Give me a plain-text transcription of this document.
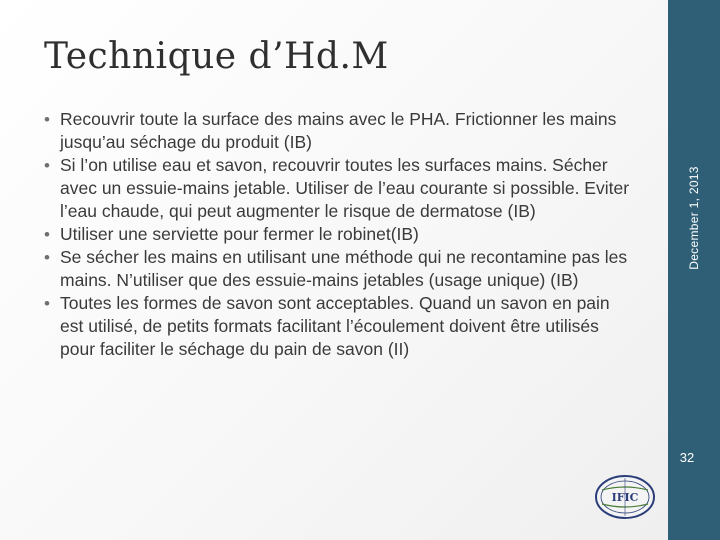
Technique d’Hd.M
• Recouvrir toute la surface des mains avec le PHA. Frictionner les mains jusqu’au séchage du produit (IB)
• Si l’on utilise eau et savon, recouvrir toutes les surfaces mains. Sécher avec un essuie-mains jetable. Utiliser de l’eau courante si possible. Eviter l’eau chaude, qui peut augmenter le risque de dermatose (IB)
• Utiliser une serviette pour fermer le robinet(IB)
• Se sécher les mains en utilisant une méthode qui ne recontamine pas les mains. N’utiliser que des essuie-mains jetables (usage unique) (IB)
• Toutes les formes de savon sont acceptables. Quand un savon en pain est utilisé, de petits formats facilitant l’écoulement doivent être utilisés pour faciliter le séchage du pain de savon (II)
December 1, 2013
32
IFIC
